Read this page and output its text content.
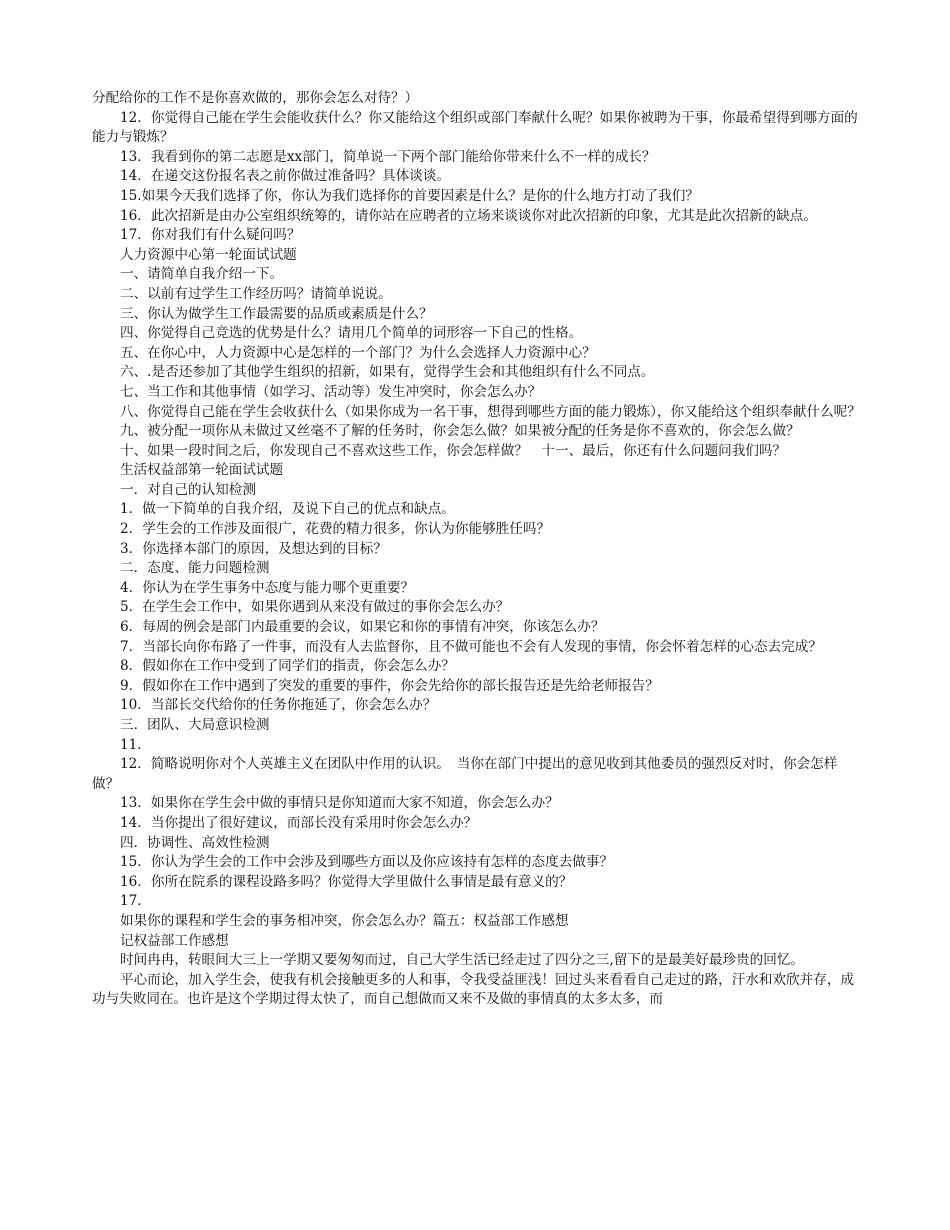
分配给你的工作不是你喜欢做的，那你会怎么对待？）

12．你觉得自己能在学生会能收获什么？你又能给这个组织或部门奉献什么呢？如果你被聘为干事，你最希望得到哪方面的能力与锻炼？

13．我看到你的第二志愿是xx部门，简单说一下两个部门能给你带来什么不一样的成长？

14．在递交这份报名表之前你做过准备吗？具体谈谈。

15.如果今天我们选择了你，你认为我们选择你的首要因素是什么？是你的什么地方打动了我们？

16．此次招新是由办公室组织统筹的，请你站在应聘者的立场来谈谈你对此次招新的印象，尤其是此次招新的缺点。

17．你对我们有什么疑问吗？

人力资源中心第一轮面试试题

一、请简单自我介绍一下。

二、以前有过学生工作经历吗？请简单说说。

三、你认为做学生工作最需要的品质或素质是什么？

四、你觉得自己竞选的优势是什么？请用几个简单的词形容一下自己的性格。

五、在你心中，人力资源中心是怎样的一个部门？为什么会选择人力资源中心？

六、.是否还参加了其他学生组织的招新，如果有，觉得学生会和其他组织有什么不同点。

七、当工作和其他事情（如学习、活动等）发生冲突时，你会怎么办？

八、你觉得自己能在学生会收获什么（如果你成为一名干事，想得到哪些方面的能力锻炼），你又能给这个组织奉献什么呢？

九、被分配一项你从未做过又丝毫不了解的任务时，你会怎么做？如果被分配的任务是你不喜欢的，你会怎么做？

十、如果一段时间之后，你发现自己不喜欢这些工作，你会怎样做？　十一、最后，你还有什么问题问我们吗？

生活权益部第一轮面试试题

一．对自己的认知检测

1．做一下简单的自我介绍，及说下自己的优点和缺点。

2．学生会的工作涉及面很广，花费的精力很多，你认为你能够胜任吗？

3．你选择本部门的原因，及想达到的目标？

二．态度、能力问题检测

4．你认为在学生事务中态度与能力哪个更重要？

5．在学生会工作中，如果你遇到从来没有做过的事你会怎么办？

6．每周的例会是部门内最重要的会议，如果它和你的事情有冲突，你该怎么办？

7．当部长向你布路了一件事，而没有人去监督你，且不做可能也不会有人发现的事情，你会怀着怎样的心态去完成？

8．假如你在工作中受到了同学们的指责，你会怎么办？

9．假如你在工作中遇到了突发的重要的事件，你会先给你的部长报告还是先给老师报告？

10．当部长交代给你的任务你拖延了，你会怎么办？

三．团队、大局意识检测

11．

12．简略说明你对个人英雄主义在团队中作用的认识。　当你在部门中提出的意见收到其他委员的强烈反对时，你会怎样做？

13．如果你在学生会中做的事情只是你知道而大家不知道，你会怎么办？

14．当你提出了很好建议，而部长没有采用时你会怎么办？

四．协调性、高效性检测

15．你认为学生会的工作中会涉及到哪些方面以及你应该持有怎样的态度去做事？

16．你所在院系的课程设路多吗？你觉得大学里做什么事情是最有意义的？

17．

如果你的课程和学生会的事务相冲突，你会怎么办？篇五：权益部工作感想

记权益部工作感想

时间冉冉，转眼间大三上一学期又要匆匆而过，自己大学生活已经走过了四分之三,留下的是最美好最珍贵的回忆。

平心而论，加入学生会，使我有机会接触更多的人和事，令我受益匪浅！回过头来看看自己走过的路，汗水和欢欣并存，成功与失败同在。也许是这个学期过得太快了，而自己想做而又来不及做的事情真的太多太多，而
